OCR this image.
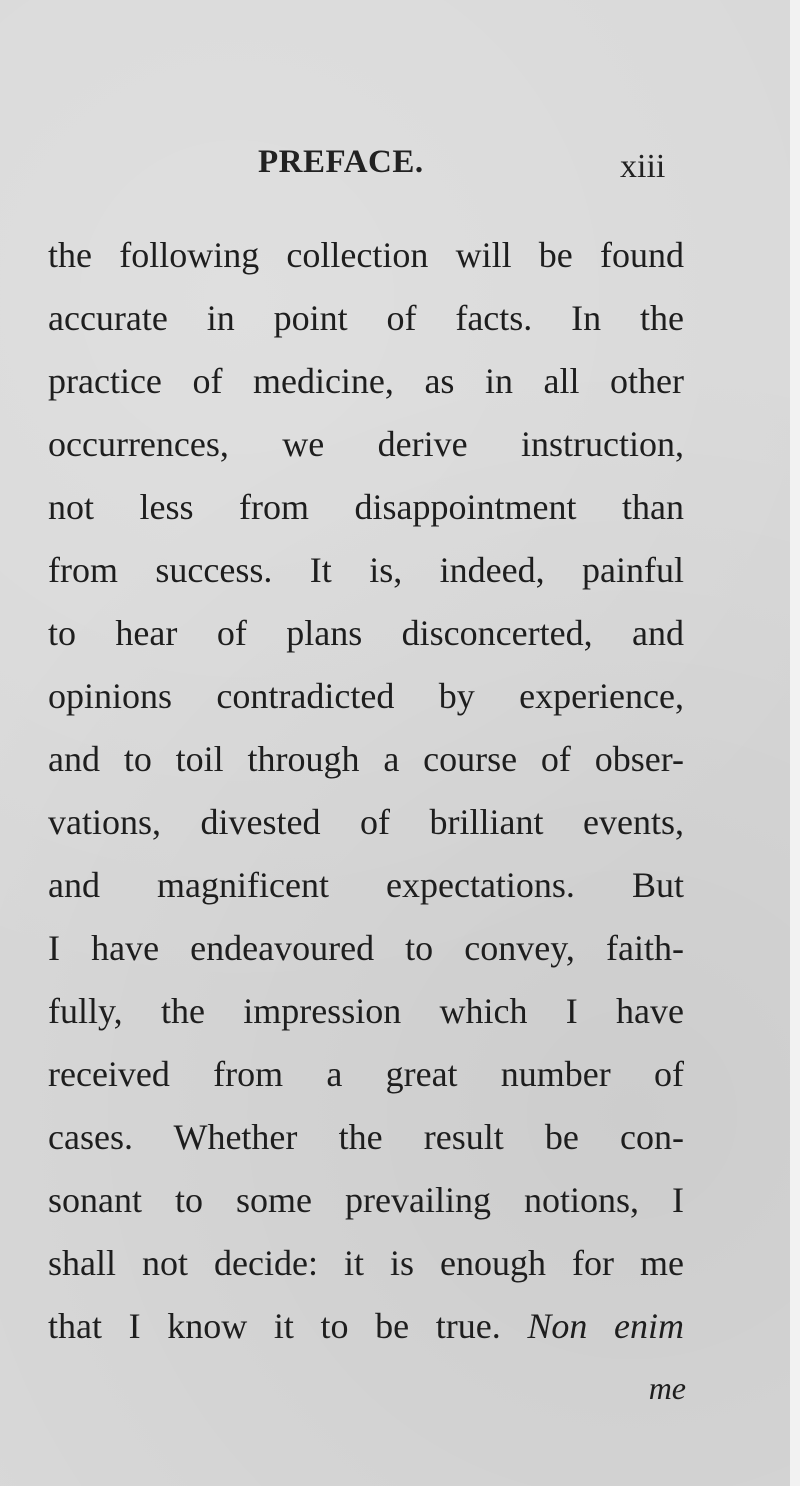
PREFACE.	xiii
the following collection will be found
accurate in point of facts. In the
practice of medicine, as in all other
occurrences, we derive instruction,
not less from disappointment than
from success. It is, indeed, painful
to hear of plans disconcerted, and
opinions contradicted by experience,
and to toil through a course of obser-
vations, divested of brilliant events,
and magnificent expectations. But
I have endeavoured to convey, faith-
fully, the impression which I have
received from a great number of
cases. Whether the result be con-
sonant to some prevailing notions, I
shall not decide: it is enough for me
that I know it to be true. Non enim
me
